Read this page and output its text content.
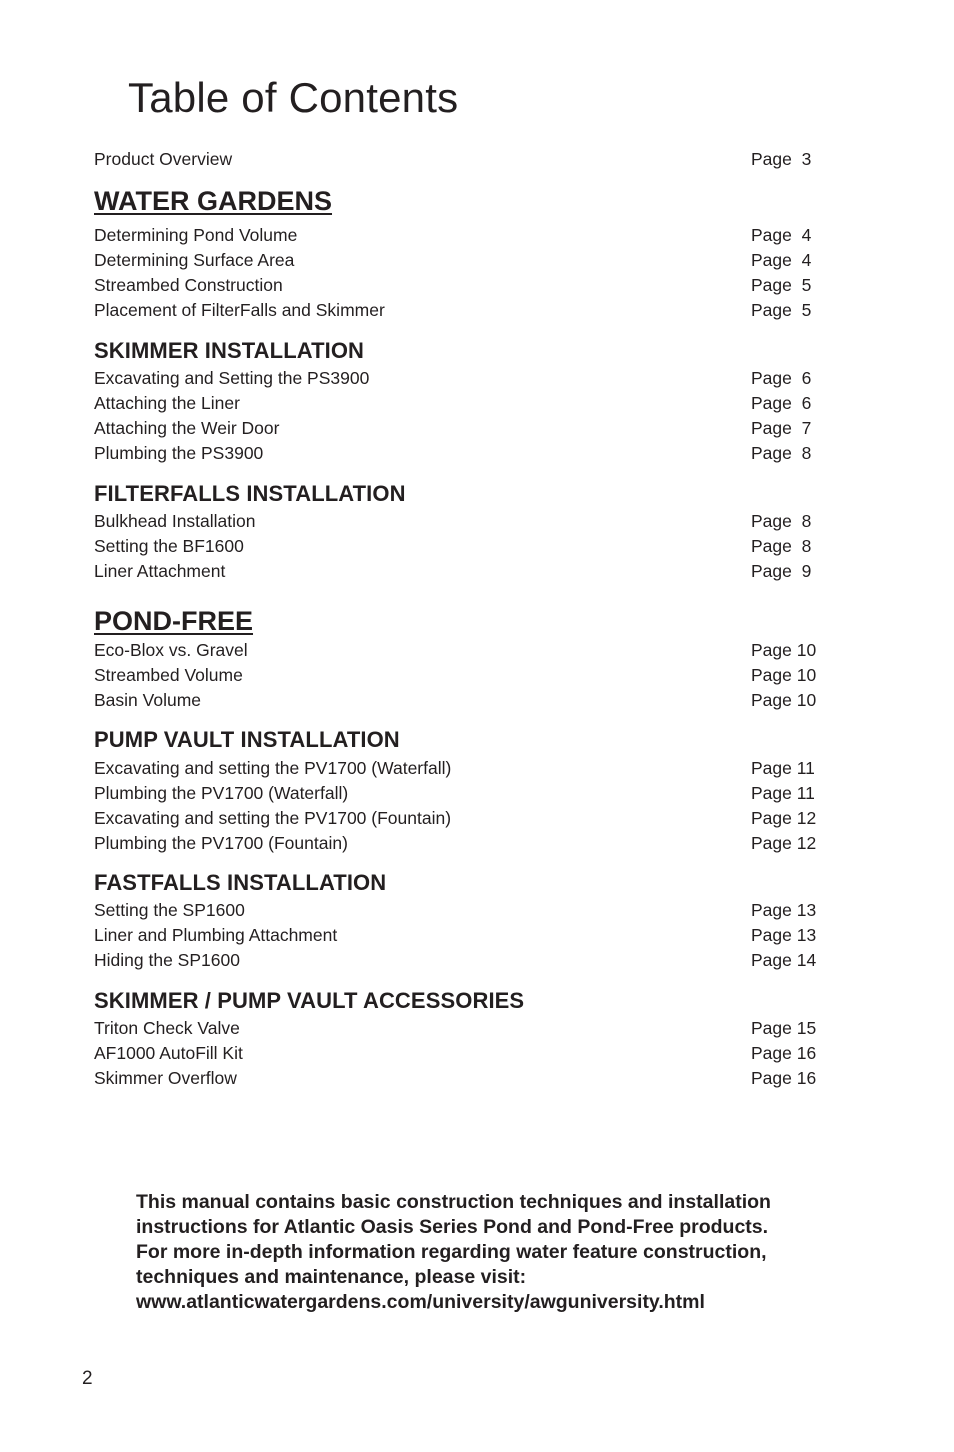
Table of Contents
Product Overview	Page  3
WATER GARDENS
Determining Pond Volume	Page  4
Determining Surface Area	Page  4
Streambed Construction	Page  5
Placement of FilterFalls and Skimmer	Page  5
SKIMMER INSTALLATION
Excavating and Setting the PS3900	Page  6
Attaching the Liner	Page  6
Attaching the Weir Door	Page  7
Plumbing the PS3900	Page  8
FILTERFALLS INSTALLATION
Bulkhead Installation	Page  8
Setting the BF1600	Page  8
Liner Attachment	Page  9
POND-FREE
Eco-Blox vs. Gravel	Page 10
Streambed Volume	Page 10
Basin Volume	Page 10
PUMP VAULT INSTALLATION
Excavating and setting the PV1700 (Waterfall)	Page 11
Plumbing the PV1700 (Waterfall)	Page 11
Excavating and setting the PV1700 (Fountain)	Page 12
Plumbing the PV1700 (Fountain)	Page 12
FASTFALLS INSTALLATION
Setting the SP1600	Page 13
Liner and Plumbing Attachment	Page 13
Hiding the SP1600	Page 14
SKIMMER / PUMP VAULT ACCESSORIES
Triton Check Valve	Page 15
AF1000 AutoFill Kit	Page 16
Skimmer Overflow	Page 16

This manual contains basic construction techniques and installation

instructions for Atlantic Oasis Series Pond and Pond-Free products.

For more in-depth information regarding water feature construction,

techniques and maintenance, please visit:

www.atlanticwatergardens.com/university/awguniversity.html

2
